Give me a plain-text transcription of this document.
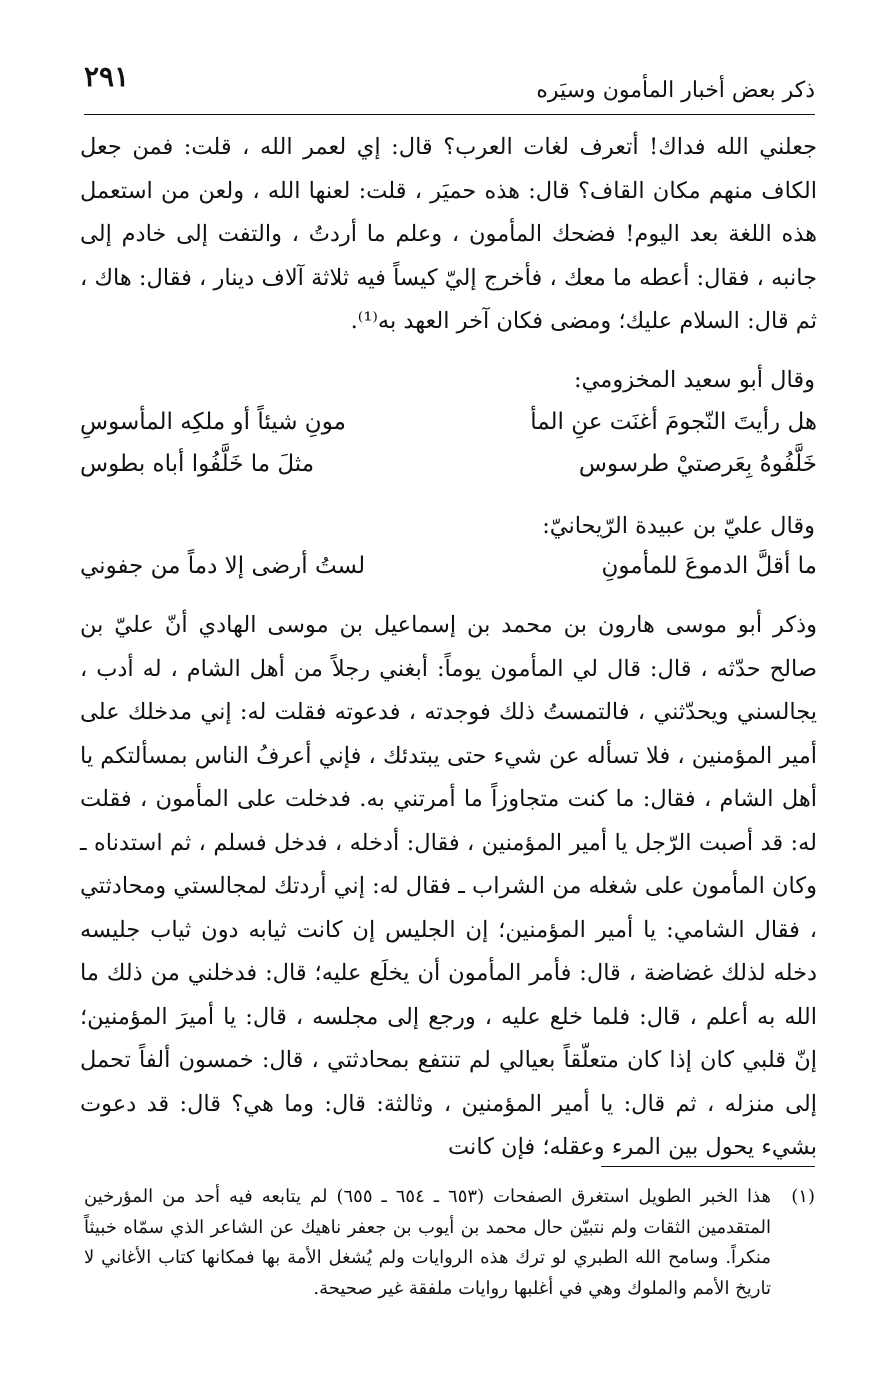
٢٩١	ذكر بعض أخبار المأمون وسيَره

جعلني الله فداك! أتعرف لغات العرب؟ قال: إي لعمر الله ، قلت: فمن جعل الكاف منهم مكان القاف؟ قال: هذه حميَر ، قلت: لعنها الله ، ولعن من استعمل هذه اللغة بعد اليوم! فضحك المأمون ، وعلم ما أردتُ ، والتفت إلى خادم إلى جانبه ، فقال: أعطه ما معك ، فأخرج إليّ كيساً فيه ثلاثة آلاف دينار ، فقال: هاك ، ثم قال: السلام عليك؛ ومضى فكان آخر العهد به⁽¹⁾.

وقال أبو سعيد المخزومي:
هل رأيتَ النّجومَ أغنَت عنِ المأ
مونِ شيئاً أو ملكِه المأسوسِ
خَلَّفُوهُ بِعَرصتيْ طرسوس
مثلَ ما خَلَّفُوا أباه بطوس
وقال عليّ بن عبيدة الرّيحانيّ:
ما أقلَّ الدموعَ للمأمونِ
لستُ أرضى إلا دماً من جفوني

وذكر أبو موسى هارون بن محمد بن إسماعيل بن موسى الهادي أنّ عليّ بن صالح حدّثه ، قال: قال لي المأمون يوماً: أبغني رجلاً من أهل الشام ، له أدب ، يجالسني ويحدّثني ، فالتمستُ ذلك فوجدته ، فدعوته فقلت له: إني مدخلك على أمير المؤمنين ، فلا تسأله عن شيء حتى يبتدئك ، فإني أعرفُ الناس بمسألتكم يا أهل الشام ، فقال: ما كنت متجاوزاً ما أمرتني به. فدخلت على المأمون ، فقلت له: قد أصبت الرّجل يا أمير المؤمنين ، فقال: أدخله ، فدخل فسلم ، ثم استدناه ـ وكان المأمون على شغله من الشراب ـ فقال له: إني أردتك لمجالستي ومحادثتي ، فقال الشامي: يا أمير المؤمنين؛ إن الجليس إن كانت ثيابه دون ثياب جليسه دخله لذلك غضاضة ، قال: فأمر المأمون أن يخلَع عليه؛ قال: فدخلني من ذلك ما الله به أعلم ، قال: فلما خلع عليه ، ورجع إلى مجلسه ، قال: يا أميرَ المؤمنين؛ إنّ قلبي كان إذا كان متعلّقاً بعيالي لم تنتفع بمحادثتي ، قال: خمسون ألفاً تحمل إلى منزله ، ثم قال: يا أمير المؤمنين ، وثالثة: قال: وما هي؟ قال: قد دعوت بشيء يحول بين المرء وعقله؛ فإن كانت

(١)
هذا الخبر الطويل استغرق الصفحات (٦٥٣ ـ ٦٥٤ ـ ٦٥٥) لم يتابعه فيه أحد من المؤرخين المتقدمين الثقات ولم نتبيّن حال محمد بن أيوب بن جعفر ناهيك عن الشاعر الذي سمّاه خبيثاً منكراً. وسامح الله الطبري لو ترك هذه الروايات ولم يُشغل الأمة بها فمكانها كتاب الأغاني لا تاريخ الأمم والملوك وهي في أغلبها روايات ملفقة غير صحيحة.
